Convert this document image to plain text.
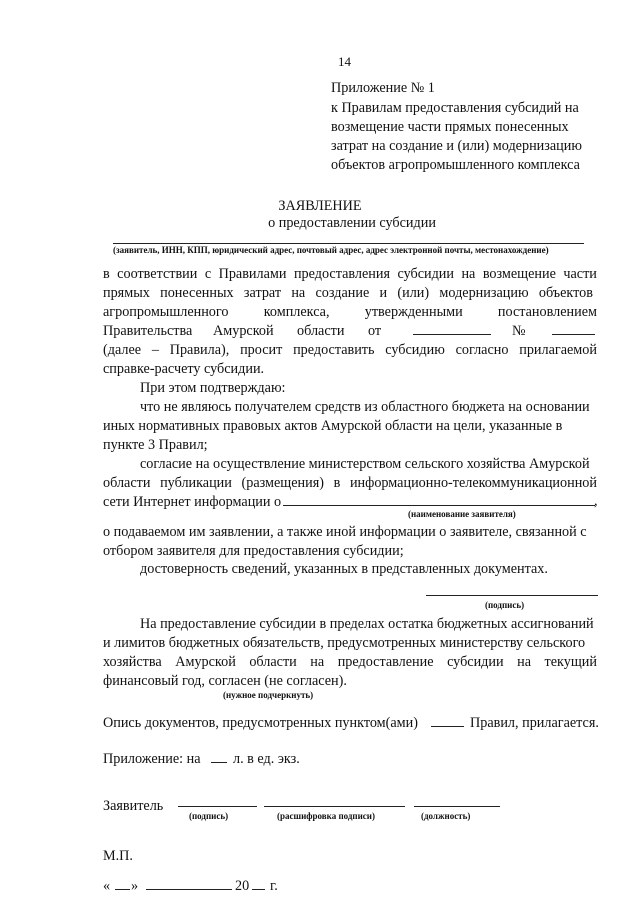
14
Приложение № 1
к Правилам предоставления субсидий на
возмещение части прямых понесенных
затрат на создание и (или) модернизацию
объектов агропромышленного комплекса
ЗАЯВЛЕНИЕ
о предоставлении субсидии
(заявитель, ИНН, КПП, юридический адрес, почтовый адрес, адрес электронной почты, местонахождение)
в соответствии с Правилами предоставления субсидии на возмещение части
прямых понесенных затрат на создание и (или) модернизацию объектов
агропромышленного комплекса, утвержденными постановлением
Правительства Амурской области от	№
(далее – Правила), просит предоставить субсидию согласно прилагаемой
справке-расчету субсидии.
При этом подтверждаю:
что не являюсь получателем средств из областного бюджета на основании
иных нормативных правовых актов Амурской области на цели, указанные в
пункте 3 Правил;
согласие на осуществление министерством сельского хозяйства Амурской
области публикации (размещения) в информационно-телекоммуникационной
сети Интернет информации о	,
(наименование заявителя)
о подаваемом им заявлении, а также иной информации о заявителе, связанной с
отбором заявителя для предоставления субсидии;
достоверность сведений, указанных в представленных документах.
(подпись)
На предоставление субсидии в пределах остатка бюджетных ассигнований
и лимитов бюджетных обязательств, предусмотренных министерству сельского
хозяйства Амурской области на предоставление субсидии на текущий
финансовый год, согласен (не согласен).
(нужное подчеркнуть)
Опись документов, предусмотренных пунктом(ами)	Правил, прилагается.
Приложение: на л. в ед. экз.
Заявитель
(подпись)	(расшифровка подписи)	(должность)
М.П.
« »	20 г.
